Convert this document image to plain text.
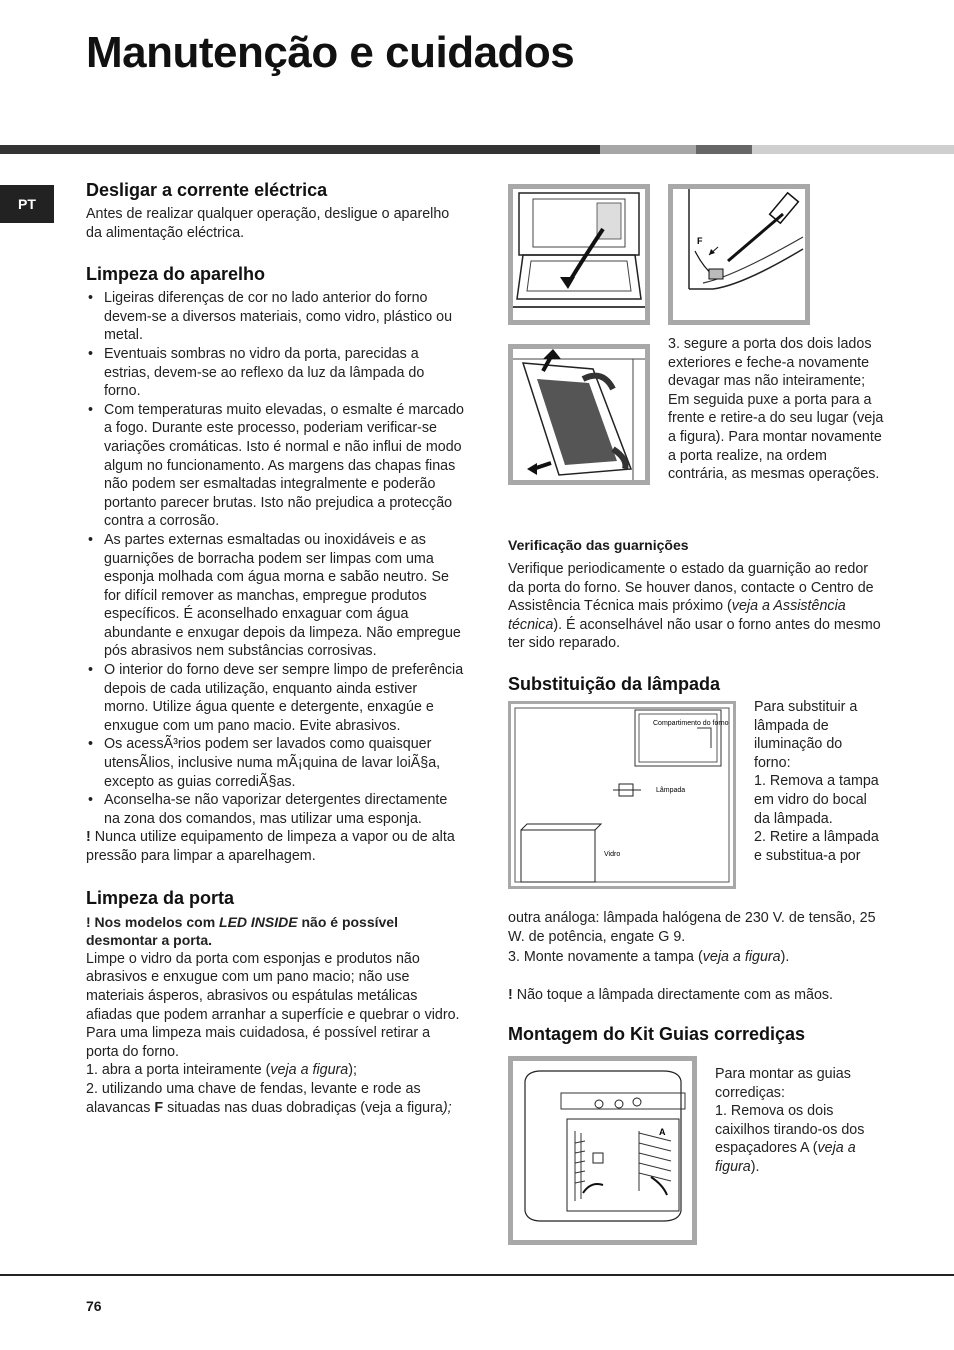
Manutenção e cuidados
PT
Desligar a corrente eléctrica

Antes de realizar qualquer operação, desligue o aparelho da alimentação eléctrica.

Limpeza do aparelho
• Ligeiras diferenças de cor no lado anterior do forno devem-se a diversos materiais, como vidro, plástico ou metal.
• Eventuais sombras no vidro da porta, parecidas a estrias, devem-se ao reflexo da luz da lâmpada do forno.
• Com temperaturas muito elevadas, o esmalte é marcado a fogo. Durante este processo, poderiam verificar-se variações cromáticas. Isto é normal e não influi de modo algum no funcionamento. As margens das chapas finas não podem ser esmaltadas integralmente e poderão portanto parecer brutas. Isto não prejudica a protecção contra a corrosão.
• As partes externas esmaltadas ou inoxidáveis e as guarnições de borracha podem ser limpas com uma esponja molhada com água morna e sabão neutro. Se for difícil remover as manchas, empregue produtos específicos. É aconselhado enxaguar com água abundante e enxugar depois da limpeza. Não empregue pós abrasivos nem substâncias corrosivas.
• O interior do forno deve ser sempre limpo de preferência depois de cada utilização, enquanto ainda estiver morno. Utilize água quente e detergente, enxagúe e enxugue com um pano macio. Evite abrasivos.
• Os acessÃ³rios podem ser lavados como quaisquer utensÃlios, inclusive numa mÃ¡quina de lavar loiÃ§a, excepto as guias corrediÃ§as.
• Aconselha-se não vaporizar detergentes directamente na zona dos comandos, mas utilizar uma esponja.

! Nunca utilize equipamento de limpeza a vapor ou de alta pressão para limpar a aparelhagem.

Limpeza da porta

! Nos modelos com LED INSIDE não é possível desmontar a porta.

Limpe o vidro da porta com esponjas e produtos não abrasivos e enxugue com um pano macio; não use materiais ásperos, abrasivos ou espátulas metálicas afiadas que podem arranhar a superfície e quebrar o vidro.

Para uma limpeza mais cuidadosa, é possível retirar a porta do forno.

1. abra a porta inteiramente (veja a figura);

2. utilizando uma chave de fendas, levante e rode as alavancas F situadas nas duas dobradiças (veja a figura);

F
3. segure a porta dos dois lados exteriores e feche-a novamente devagar mas não inteiramente; Em seguida puxe a porta para a frente e retire-a do seu lugar (veja a figura). Para montar novamente a porta realize, na ordem contrária, as mesmas operações.
Verificação das guarnições
Verifique periodicamente o estado da guarnição ao redor da porta do forno. Se houver danos, contacte o Centro de Assistência Técnica mais próximo (veja a Assistência técnica). É aconselhável não usar o forno antes do mesmo ter sido reparado.
Substituição da lâmpada
Compartimento do forno
Lâmpada
Vidro
Para substituir a lâmpada de iluminação do forno:
1. Remova a tampa em vidro do bocal da lâmpada.
2. Retire a lâmpada e substitua-a por
outra análoga: lâmpada halógena de 230 V. de tensão, 25 W. de potência, engate G 9.
3. Monte novamente a tampa (veja a figura).
! Não toque a lâmpada directamente com as mãos.
Montagem do Kit Guias corrediças
A
Para montar as guias corrediças:
1. Remova os dois caixilhos tirando-os dos espaçadores A (veja a figura).
76
